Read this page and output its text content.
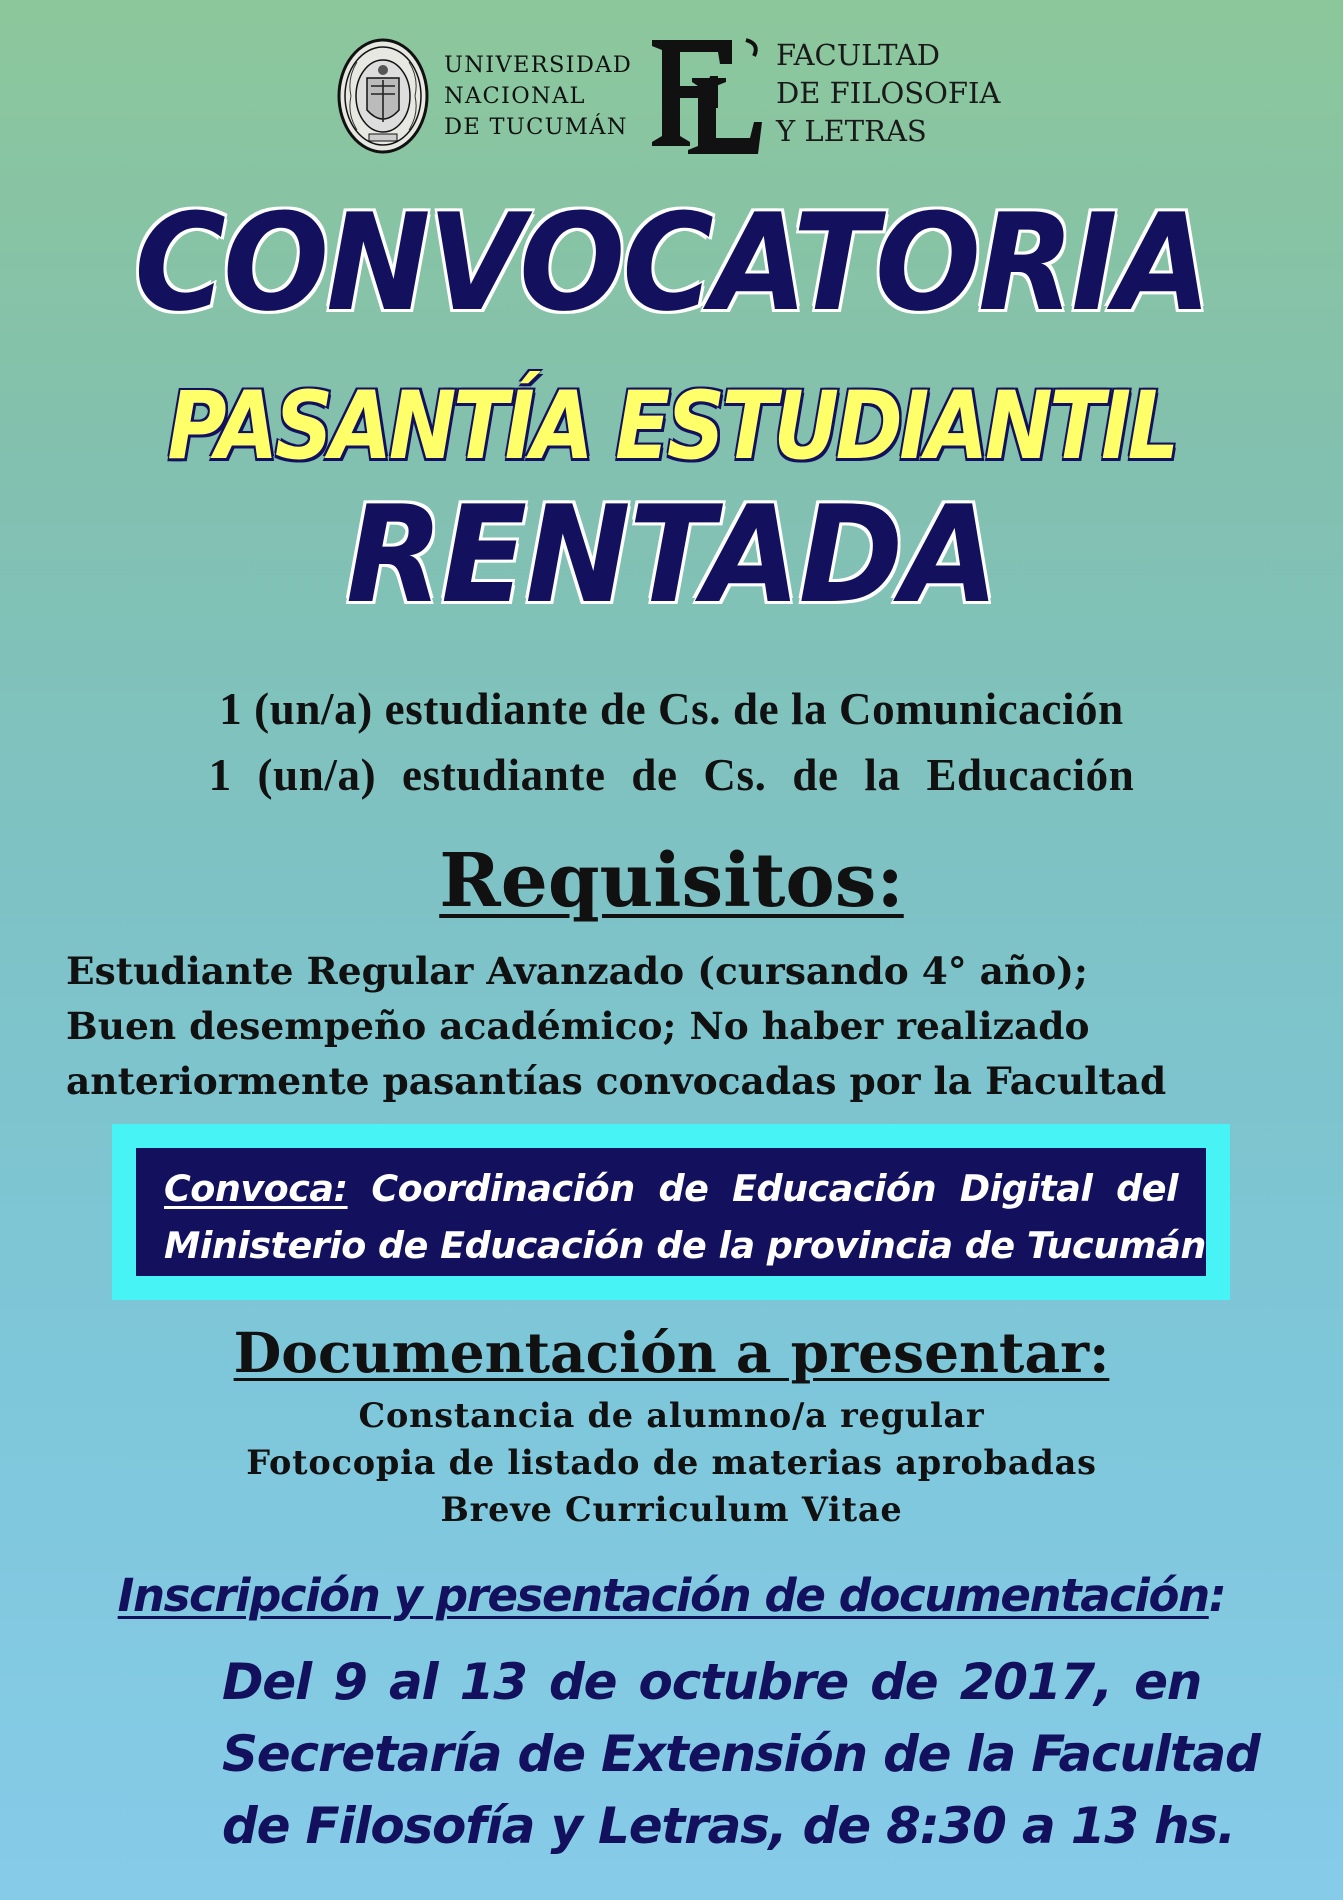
UNIVERSIDAD
NACIONAL
DE TUCUMÁN
FACULTAD
DE FILOSOFIA
Y LETRAS
CONVOCATORIA
PASANTÍA ESTUDIANTIL
RENTADA
1 (un/a) estudiante de Cs. de la Comunicación
1 (un/a) estudiante de Cs. de la Educación
Requisitos:
Estudiante Regular Avanzado (cursando 4° año);
Buen desempeño académico; No haber realizado
anteriormente pasantías convocadas por la Facultad
Convoca: Coordinación de Educación Digital del
Ministerio de Educación de la provincia de Tucumán
Documentación a presentar:
Constancia de alumno/a regular
Fotocopia de listado de materias aprobadas
Breve Curriculum Vitae
Inscripción y presentación de documentación:
Del 9 al 13 de octubre de 2017, en
Secretaría de Extensión de la Facultad
de Filosofía y Letras, de 8:30 a 13 hs.
